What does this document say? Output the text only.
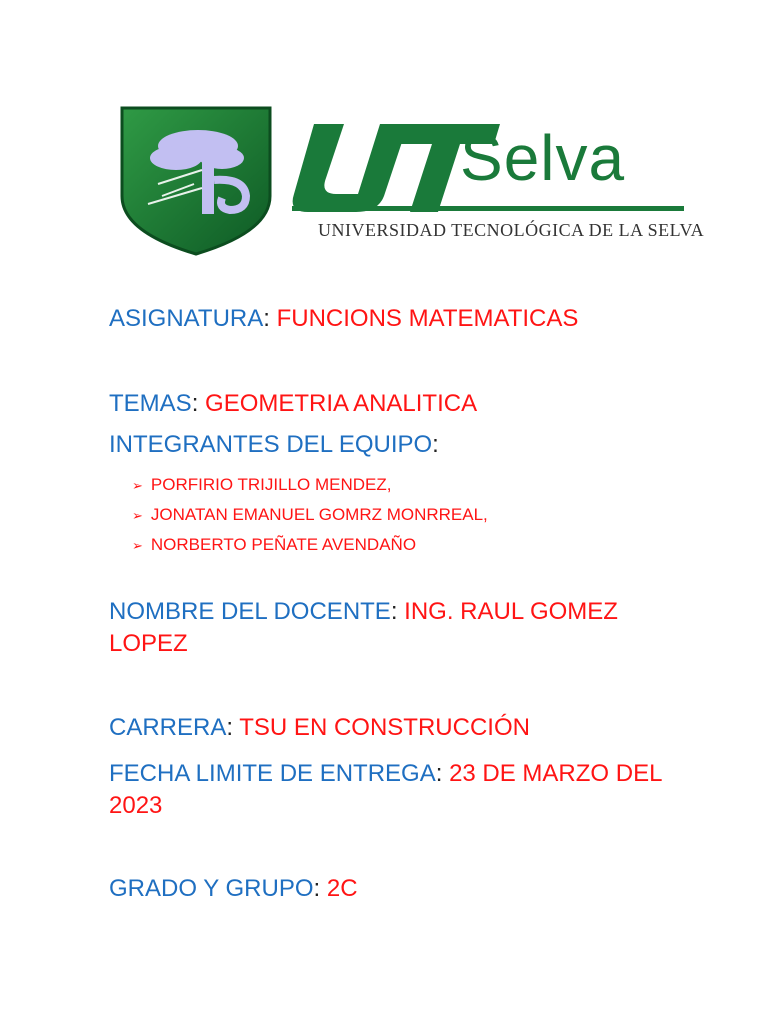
Selva
UNIVERSIDAD TECNOLÓGICA DE LA SELVA
ASIGNATURA: FUNCIONS MATEMATICAS
TEMAS: GEOMETRIA ANALITICA
INTEGRANTES DEL EQUIPO:
➢ PORFIRIO TRIJILLO MENDEZ,
➢ JONATAN EMANUEL GOMRZ MONRREAL,
➢ NORBERTO PEÑATE AVENDAÑO
NOMBRE DEL DOCENTE: ING. RAUL GOMEZ LOPEZ
CARRERA: TSU EN CONSTRUCCIÓN
FECHA LIMITE DE ENTREGA: 23 DE MARZO DEL 2023
GRADO Y GRUPO: 2C
